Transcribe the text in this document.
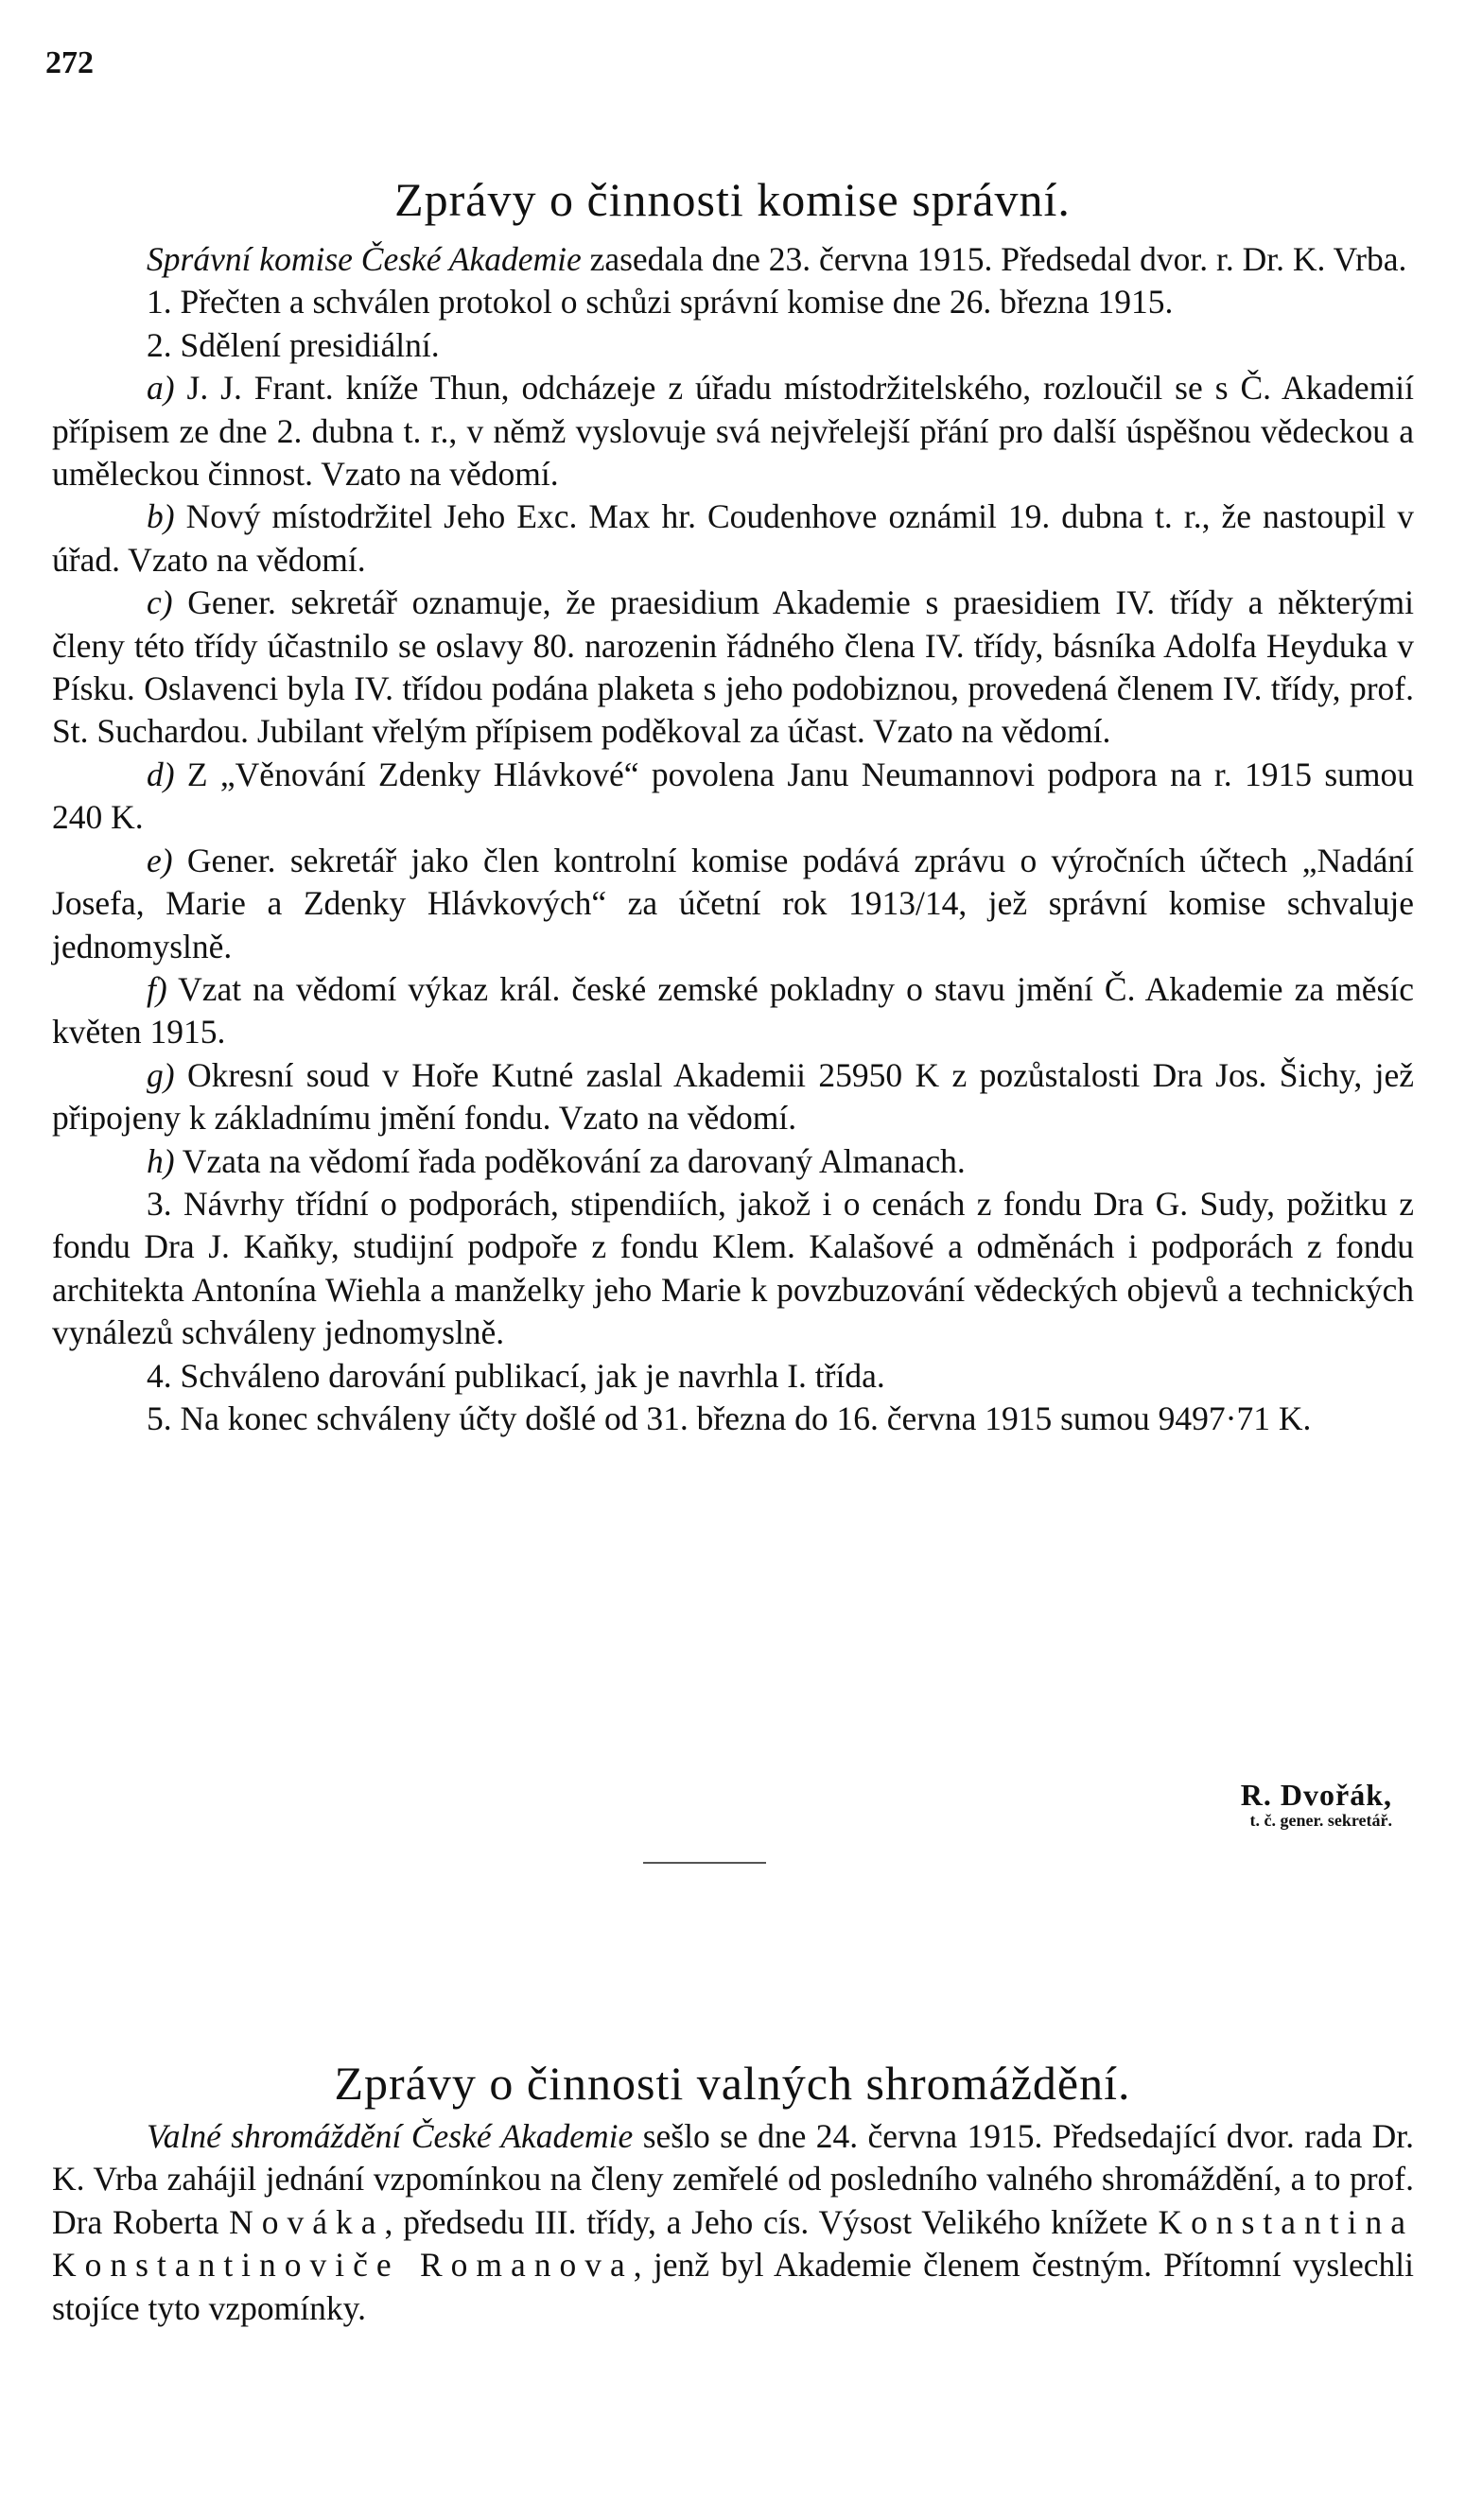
272
Zprávy o činnosti komise správní.

Správní komise České Akademie zasedala dne 23. června 1915. Předsedal dvor. r. Dr. K. Vrba.

1. Přečten a schválen protokol o schůzi správní komise dne 26. března 1915.

2. Sdělení presidiální.

a) J. J. Frant. kníže Thun, odcházeje z úřadu místodržitelského, rozloučil se s Č. Akademií přípisem ze dne 2. dubna t. r., v němž vyslovuje svá nejvřelejší přání pro další úspěšnou vědeckou a uměleckou činnost. Vzato na vědomí.

b) Nový místodržitel Jeho Exc. Max hr. Coudenhove oznámil 19. dubna t. r., že nastoupil v úřad. Vzato na vědomí.

c) Gener. sekretář oznamuje, že praesidium Akademie s praesidiem IV. třídy a některými členy této třídy účastnilo se oslavy 80. narozenin řádného člena IV. třídy, básníka Adolfa Heyduka v Písku. Oslavenci byla IV. třídou podána plaketa s jeho podobiznou, provedená členem IV. třídy, prof. St. Suchardou. Jubilant vřelým přípisem poděkoval za účast. Vzato na vědomí.

d) Z „Věnování Zdenky Hlávkové“ povolena Janu Neumannovi podpora na r. 1915 sumou 240 K.

e) Gener. sekretář jako člen kontrolní komise podává zprávu o výročních účtech „Nadání Josefa, Marie a Zdenky Hlávkových“ za účetní rok 1913/14, jež správní komise schvaluje jednomyslně.

f) Vzat na vědomí výkaz král. české zemské pokladny o stavu jmění Č. Akademie za měsíc květen 1915.

g) Okresní soud v Hoře Kutné zaslal Akademii 25950 K z pozůstalosti Dra Jos. Šichy, jež připojeny k základnímu jmění fondu. Vzato na vědomí.

h) Vzata na vědomí řada poděkování za darovaný Almanach.

3. Návrhy třídní o podporách, stipendiích, jakož i o cenách z fondu Dra G. Sudy, požitku z fondu Dra J. Kaňky, studijní podpoře z fondu Klem. Kalašové a odměnách i podporách z fondu architekta Antonína Wiehla a manželky jeho Marie k povzbuzování vědeckých objevů a technických vynálezů schváleny jednomyslně.

4. Schváleno darování publikací, jak je navrhla I. třída.

5. Na konec schváleny účty došlé od 31. března do 16. června 1915 sumou 9497·71 K.

R. Dvořák,
t. č. gener. sekretář.
Zprávy o činnosti valných shromáždění.

Valné shromáždění České Akademie sešlo se dne 24. června 1915. Předsedající dvor. rada Dr. K. Vrba zahájil jednání vzpomínkou na členy zemřelé od posledního valného shromáždění, a to prof. Dra Roberta Nováka, předsedu III. třídy, a Jeho cís. Výsost Velikého knížete Konstantina Konstantinoviče Romanova, jenž byl Akademie členem čestným. Přítomní vyslechli stojíce tyto vzpomínky.
